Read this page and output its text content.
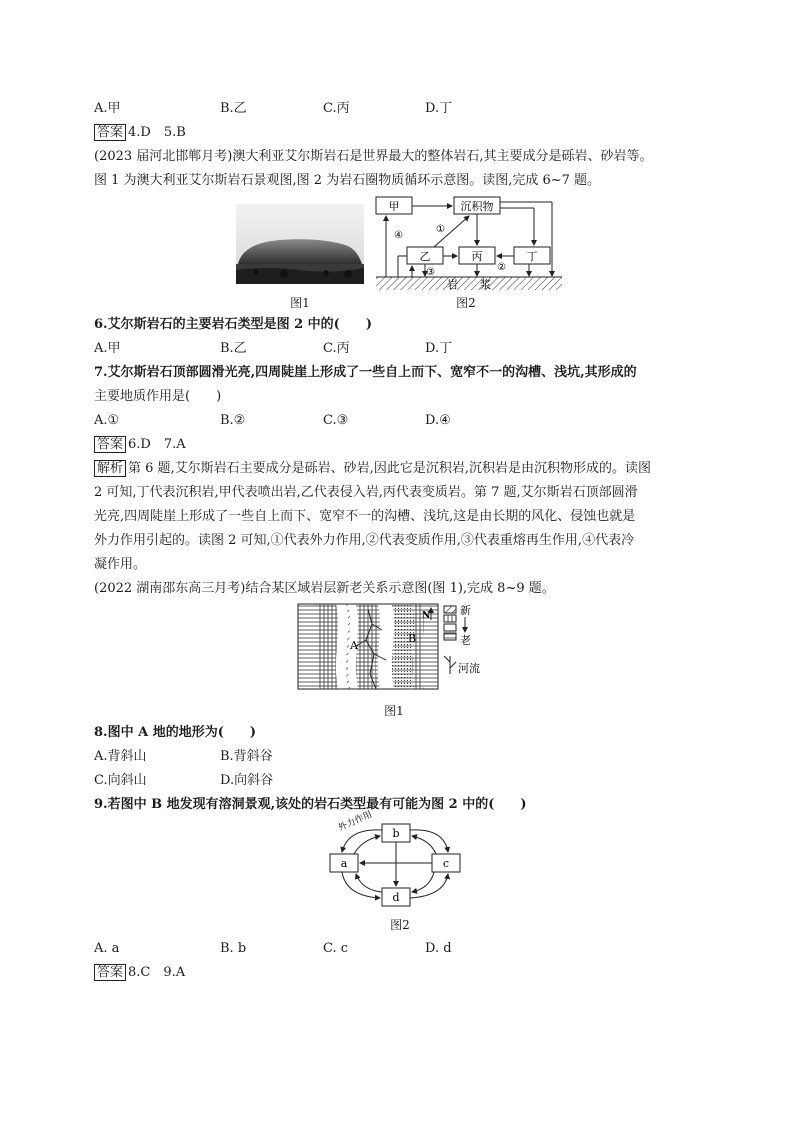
A.甲	B.乙	C.丙	D.丁
答案 4.D　5.B
(2023 届河北邯郸月考)澳大利亚艾尔斯岩石是世界最大的整体岩石,其主要成分是砾岩、砂岩等。
图 1 为澳大利亚艾尔斯岩石景观图,图 2 为岩石圈物质循环示意图。读图,完成 6~7 题。
图1
甲	沉积物
乙	丙	丁
岩　　浆
①
②
③
④
图2
6.艾尔斯岩石的主要岩石类型是图 2 中的(　　)
A.甲	B.乙	C.丙	D.丁
7.艾尔斯岩石顶部圆滑光亮,四周陡崖上形成了一些自上而下、宽窄不一的沟槽、浅坑,其形成的
主要地质作用是(　　)
A.①	B.②	C.③	D.④
答案 6.D　7.A
解析 第 6 题,艾尔斯岩石主要成分是砾岩、砂岩,因此它是沉积岩,沉积岩是由沉积物形成的。读图
2 可知,丁代表沉积岩,甲代表喷出岩,乙代表侵入岩,丙代表变质岩。第 7 题,艾尔斯岩石顶部圆滑
光亮,四周陡崖上形成了一些自上而下、宽窄不一的沟槽、浅坑,这是由长期的风化、侵蚀也就是
外力作用引起的。读图 2 可知,①代表外力作用,②代表变质作用,③代表重熔再生作用,④代表冷
凝作用。
(2022 湖南邵东高三月考)结合某区域岩层新老关系示意图(图 1),完成 8~9 题。
A
B
N	新
老
河流
图1
8.图中 A 地的地形为(　　)
A.背斜山	B.背斜谷
C.向斜山	D.向斜谷
9.若图中 B 地发现有溶洞景观,该处的岩石类型最有可能为图 2 中的(　　)
b
a	c
d
外力作用
图2
A. a	B. b	C. c	D. d
答案 8.C　9.A
